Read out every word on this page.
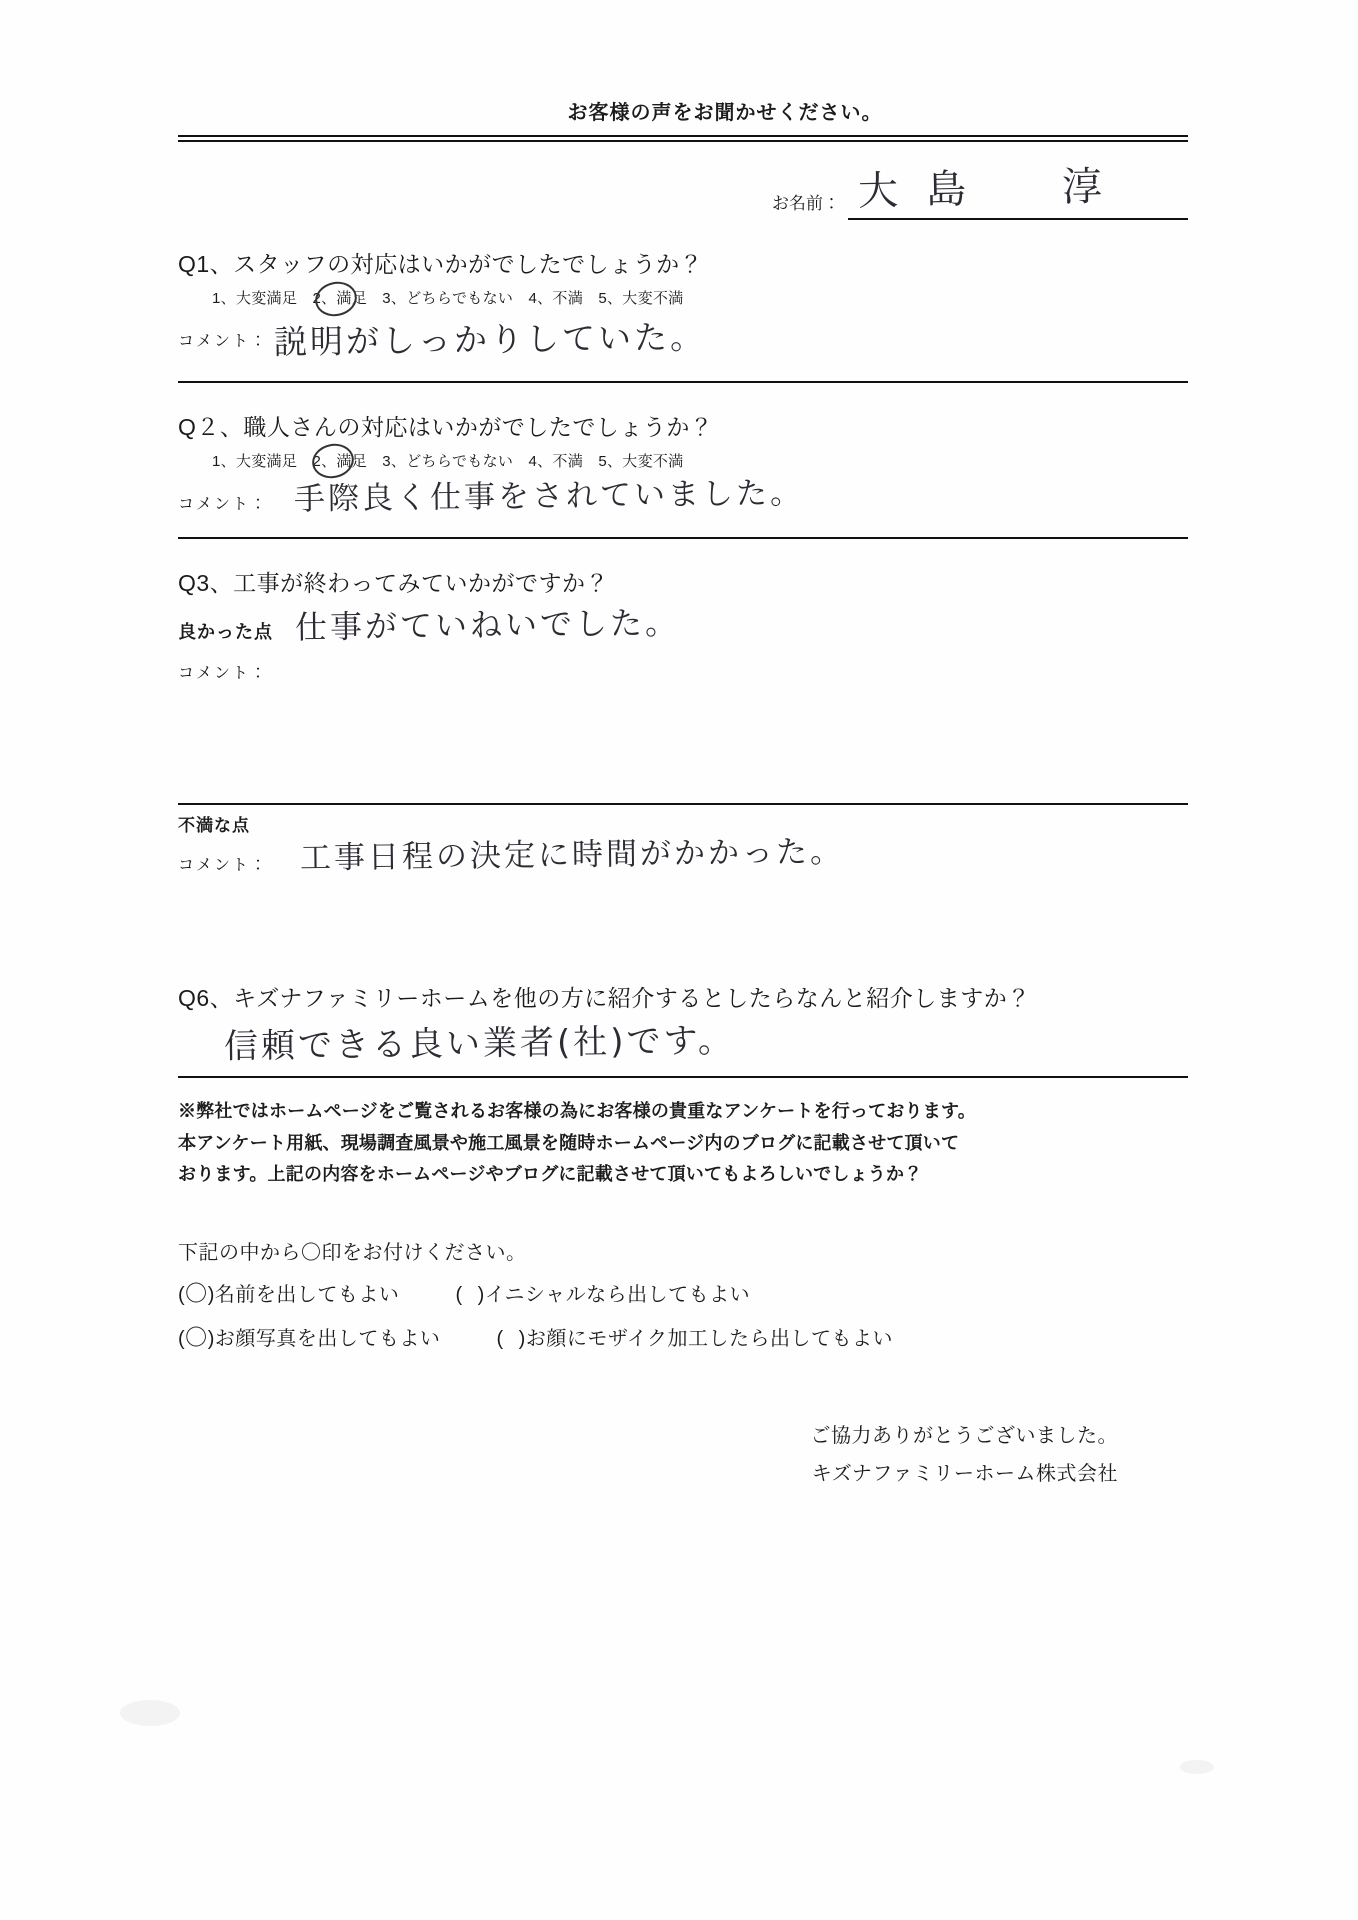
お客様の声をお聞かせください。
お名前： 大島　淳
Q1、スタッフの対応はいかがでしたでしょうか？
1、大変満足　2、満足　3、どちらでもない　4、不満　5、大変不満
コメント： 説明がしっかりしていた。
Q２、職人さんの対応はいかがでしたでしょうか？
1、大変満足　2、満足　3、どちらでもない　4、不満　5、大変不満
コメント： 手際良く仕事をされていました。
Q3、工事が終わってみていかがですか？
良かった点 仕事がていねいでした。
コメント：
不満な点
コメント：	工事日程の決定に時間がかかった。
Q6、キズナファミリーホームを他の方に紹介するとしたらなんと紹介しますか？
信頼できる良い業者(社)です。
※弊社ではホームページをご覧されるお客様の為にお客様の貴重なアンケートを行っております。
本アンケート用紙、現場調査風景や施工風景を随時ホームページ内のブログに記載させて頂いて
おります。上記の内容をホームページやブログに記載させて頂いてもよろしいでしょうか？
下記の中から〇印をお付けください。
(〇)名前を出してもよい	( )イニシャルなら出してもよい
(〇)お顔写真を出してもよい	( )お顔にモザイク加工したら出してもよい
ご協力ありがとうございました。
キズナファミリーホーム株式会社
